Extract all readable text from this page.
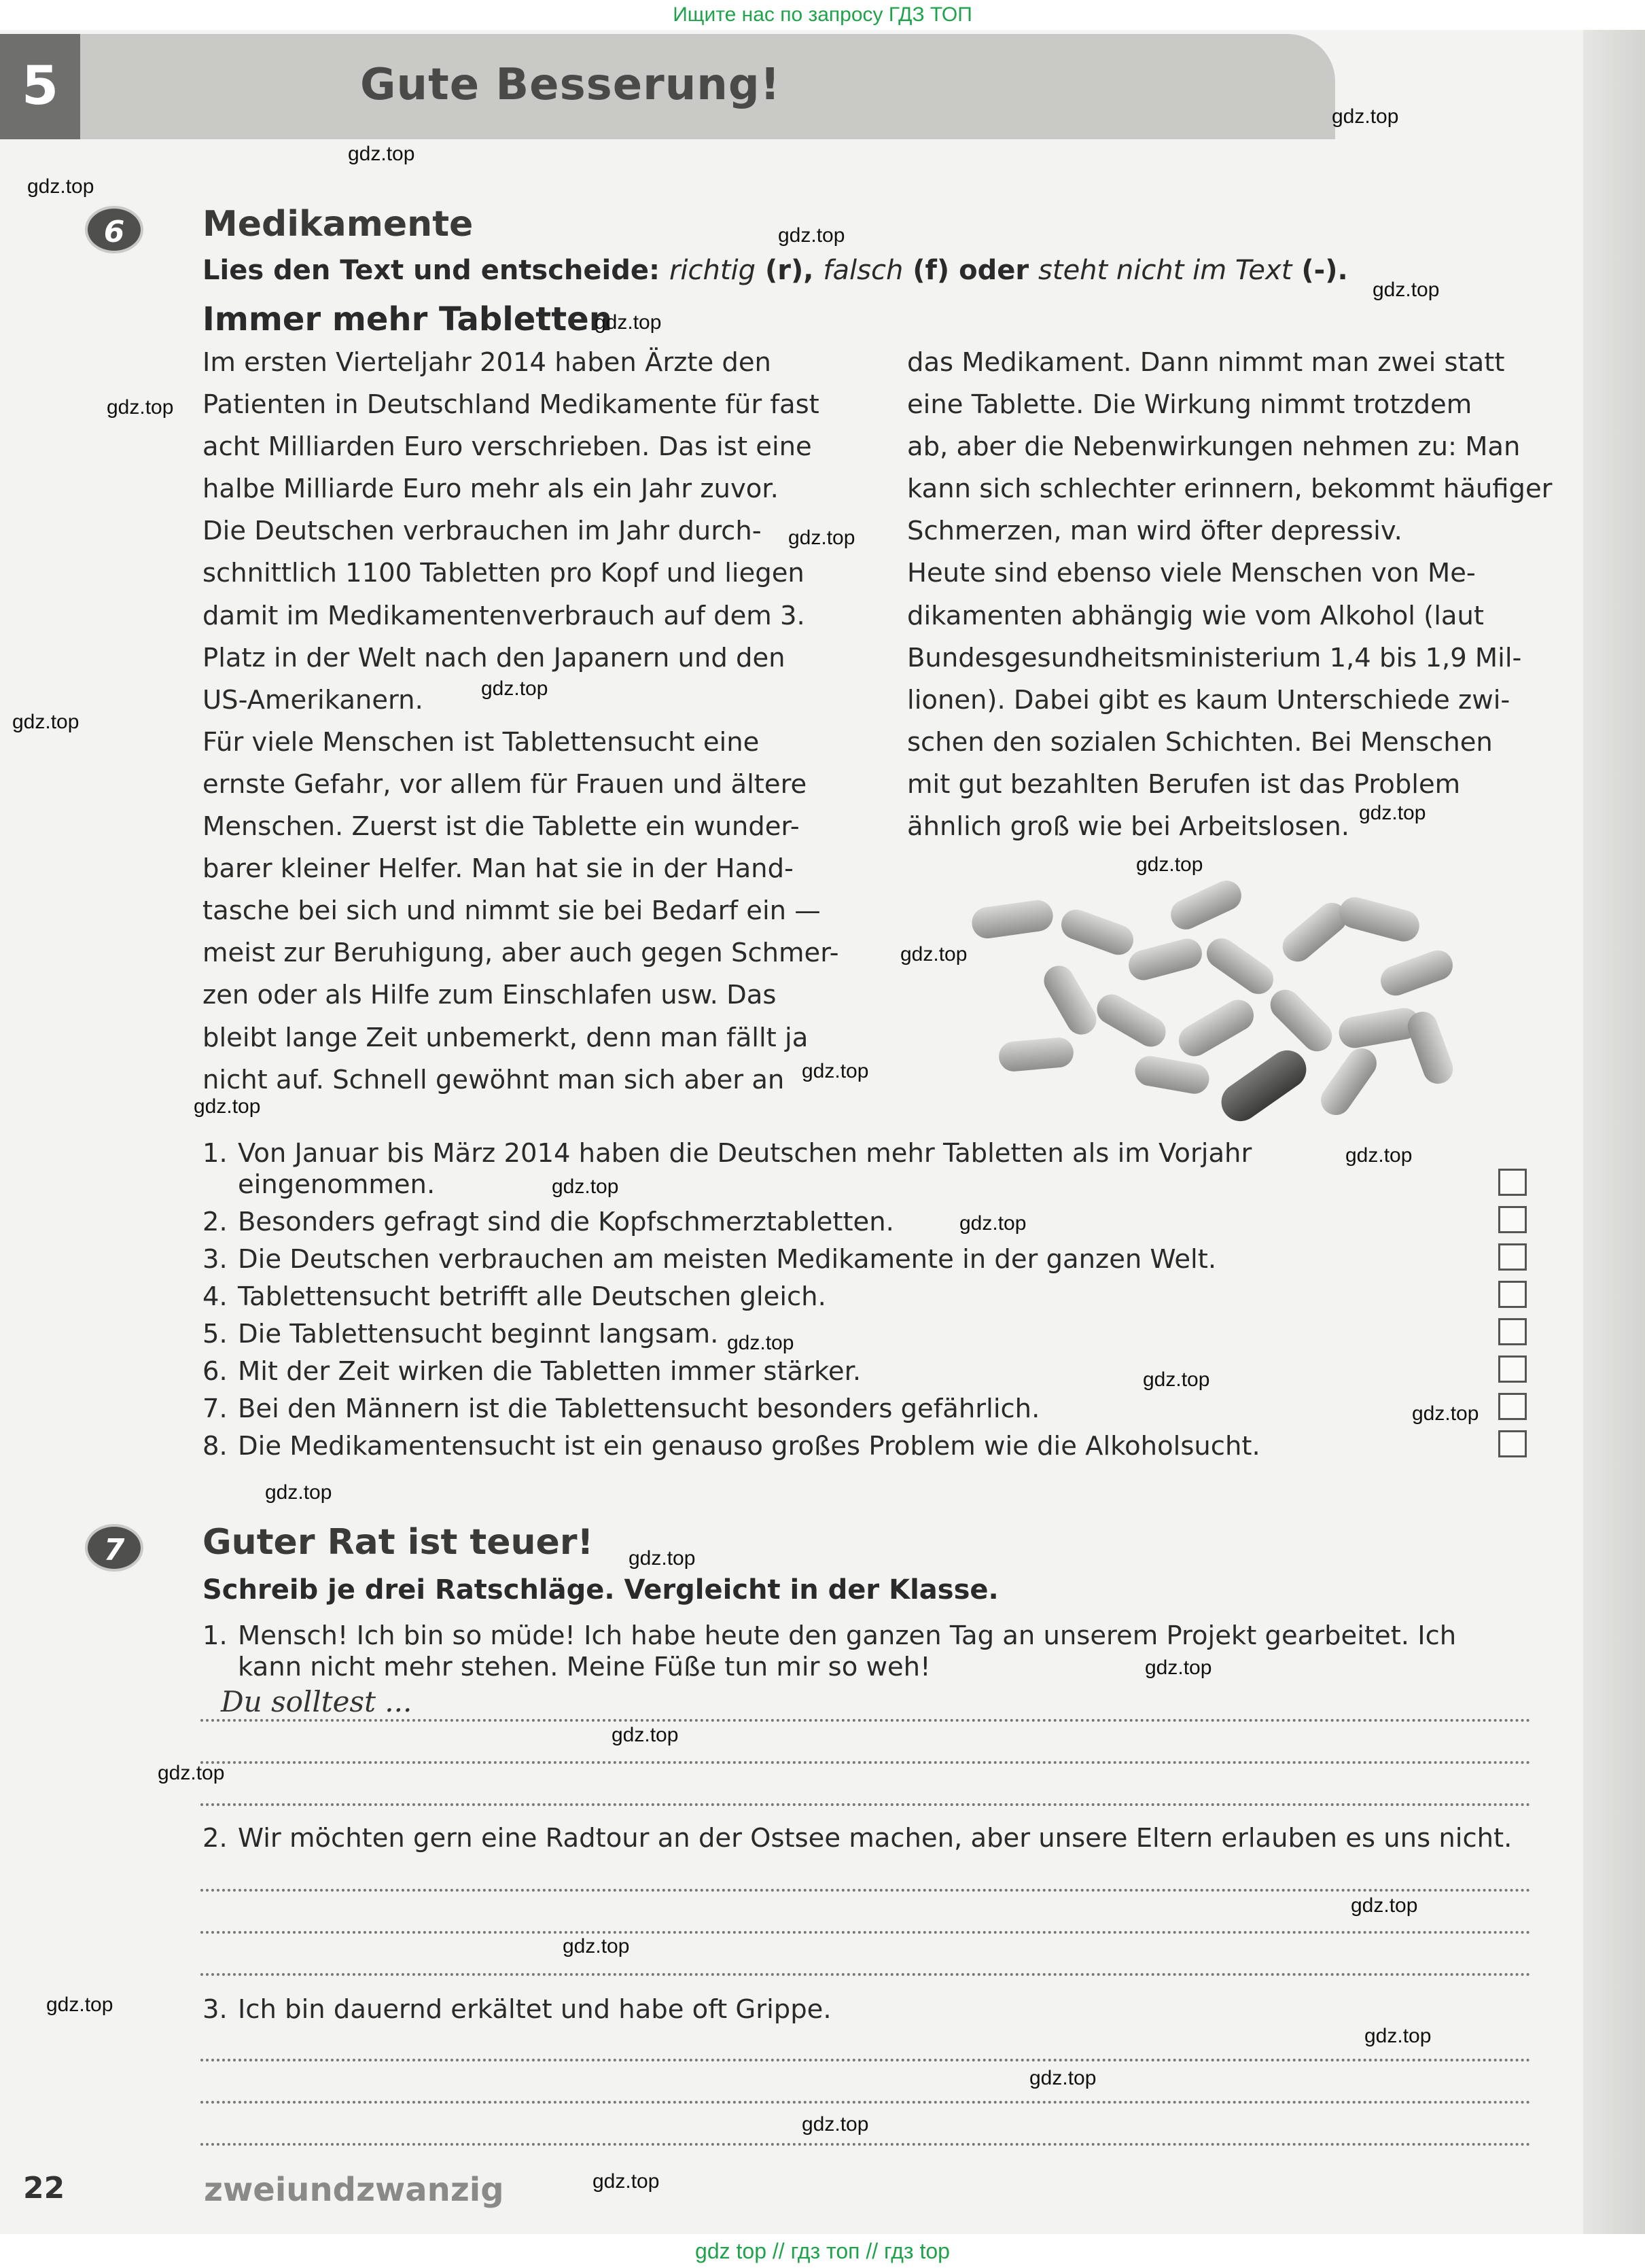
Ищите нас по запросу ГДЗ ТОП
5	Gute Besserung!
6	Medikamente
Lies den Text und entscheide: richtig (r), falsch (f) oder steht nicht im Text (-).
Immer mehr Tabletten

Im ersten Vierteljahr 2014 haben Ärzte den

Patienten in Deutschland Medikamente für fast

acht Milliarden Euro verschrieben. Das ist eine

halbe Milliarde Euro mehr als ein Jahr zuvor.

Die Deutschen verbrauchen im Jahr durch-

schnittlich 1100 Tabletten pro Kopf und liegen

damit im Medikamentenverbrauch auf dem 3.

Platz in der Welt nach den Japanern und den

US-Amerikanern.

Für viele Menschen ist Tablettensucht eine

ernste Gefahr, vor allem für Frauen und ältere

Menschen. Zuerst ist die Tablette ein wunder-

barer kleiner Helfer. Man hat sie in der Hand-

tasche bei sich und nimmt sie bei Bedarf ein —

meist zur Beruhigung, aber auch gegen Schmer-

zen oder als Hilfe zum Einschlafen usw. Das

bleibt lange Zeit unbemerkt, denn man fällt ja

nicht auf. Schnell gewöhnt man sich aber an

das Medikament. Dann nimmt man zwei statt

eine Tablette. Die Wirkung nimmt trotzdem

ab, aber die Nebenwirkungen nehmen zu: Man

kann sich schlechter erinnern, bekommt häufiger

Schmerzen, man wird öfter depressiv.

Heute sind ebenso viele Menschen von Me-

dikamenten abhängig wie vom Alkohol (laut

Bundesgesundheitsministerium 1,4 bis 1,9 Mil-

lionen). Dabei gibt es kaum Unterschiede zwi-

schen den sozialen Schichten. Bei Menschen

mit gut bezahlten Berufen ist das Problem

ähnlich groß wie bei Arbeitslosen.

1. Von Januar bis März 2014 haben die Deutschen mehr Tabletten als im Vorjahr
eingenommen.
2. Besonders gefragt sind die Kopfschmerztabletten.
3. Die Deutschen verbrauchen am meisten Medikamente in der ganzen Welt.
4. Tablettensucht betrifft alle Deutschen gleich.
5. Die Tablettensucht beginnt langsam.
6. Mit der Zeit wirken die Tabletten immer stärker.
7. Bei den Männern ist die Tablettensucht besonders gefährlich.
8. Die Medikamentensucht ist ein genauso großes Problem wie die Alkoholsucht.
7	Guter Rat ist teuer!
Schreib je drei Ratschläge. Vergleicht in der Klasse.
1. Mensch! Ich bin so müde! Ich habe heute den ganzen Tag an unserem Projekt gearbeitet. Ich
kann nicht mehr stehen. Meine Füße tun mir so weh!
Du solltest ...
2. Wir möchten gern eine Radtour an der Ostsee machen, aber unsere Eltern erlauben es uns nicht.
3. Ich bin dauernd erkältet und habe oft Grippe.
22	zweiundzwanzig
gdz top // гдз топ // гдз top
gdz.top
gdz.top
gdz.top
gdz.top
gdz.top
gdz.top
gdz.top
gdz.top
gdz.top
gdz.top
gdz.top
gdz.top
gdz.top
gdz.top
gdz.top
gdz.top
gdz.top
gdz.top
gdz.top
gdz.top
gdz.top
gdz.top
gdz.top
gdz.top
gdz.top
gdz.top
gdz.top
gdz.top
gdz.top
gdz.top
gdz.top
gdz.top
gdz.top
